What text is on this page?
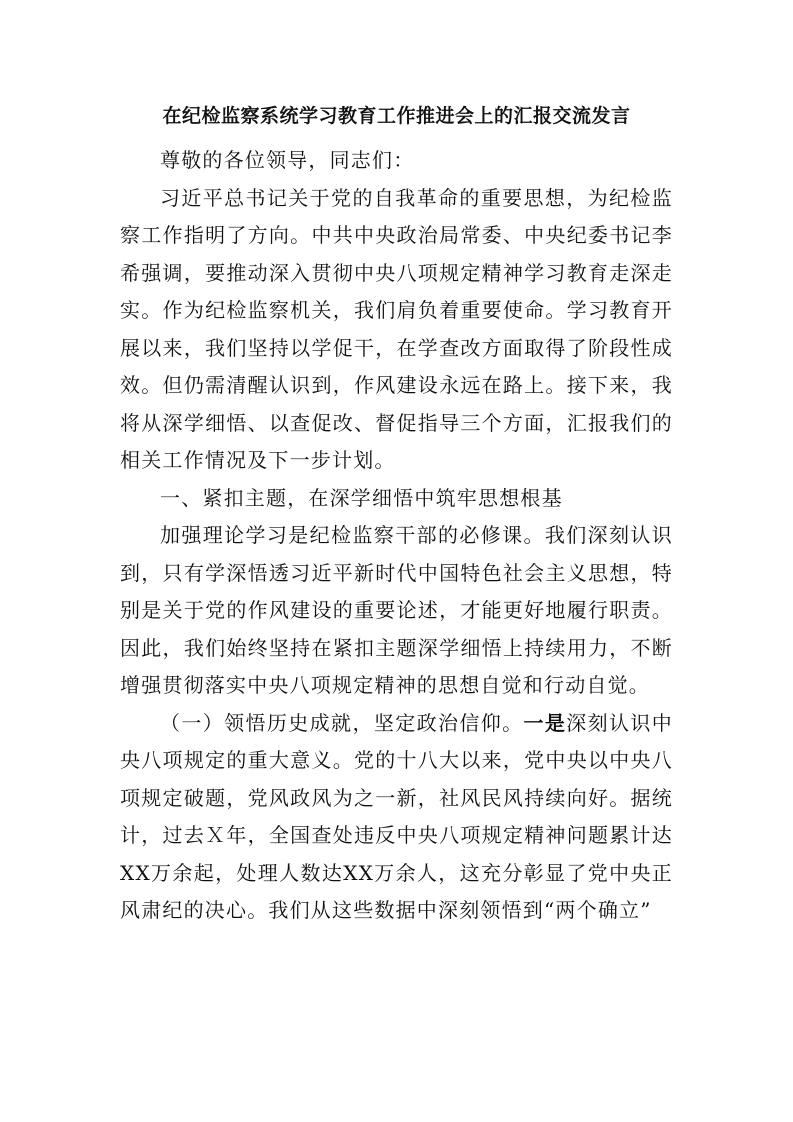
在纪检监察系统学习教育工作推进会上的汇报交流发言

尊敬的各位领导，同志们：

习近平总书记关于党的自我革命的重要思想，为纪检监察工作指明了方向。中共中央政治局常委、中央纪委书记李希强调，要推动深入贯彻中央八项规定精神学习教育走深走实。作为纪检监察机关，我们肩负着重要使命。学习教育开展以来，我们坚持以学促干，在学查改方面取得了阶段性成效。但仍需清醒认识到，作风建设永远在路上。接下来，我将从深学细悟、以查促改、督促指导三个方面，汇报我们的相关工作情况及下一步计划。

一、紧扣主题，在深学细悟中筑牢思想根基

加强理论学习是纪检监察干部的必修课。我们深刻认识到，只有学深悟透习近平新时代中国特色社会主义思想，特别是关于党的作风建设的重要论述，才能更好地履行职责。因此，我们始终坚持在紧扣主题深学细悟上持续用力，不断增强贯彻落实中央八项规定精神的思想自觉和行动自觉。

（一）领悟历史成就，坚定政治信仰。一是深刻认识中央八项规定的重大意义。党的十八大以来，党中央以中央八项规定破题，党风政风为之一新，社风民风持续向好。据统计，过去Ｘ年，全国查处违反中央八项规定精神问题累计达XX万余起，处理人数达XX万余人，这充分彰显了党中央正风肃纪的决心。我们从这些数据中深刻领悟到“两个确立”
